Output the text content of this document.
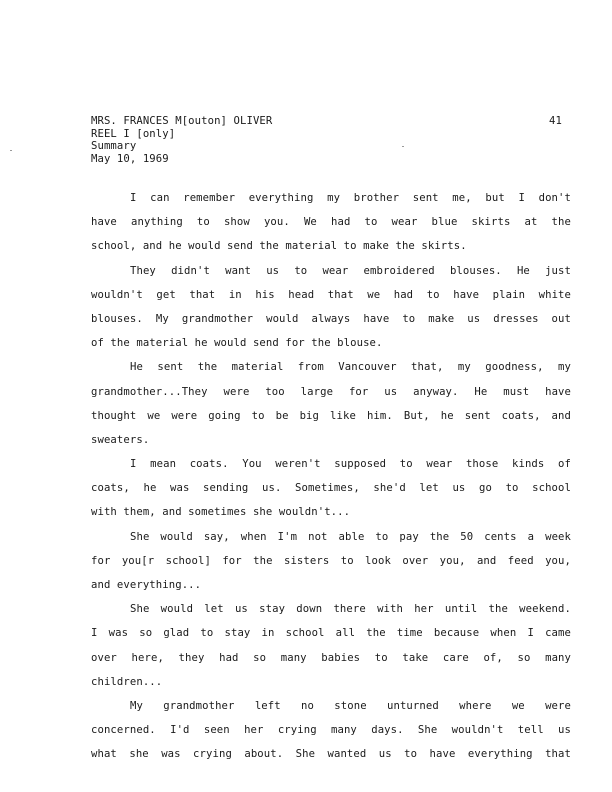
MRS. FRANCES M[outon] OLIVER
REEL I [only]
Summary
May 10, 1969
41
I can remember everything my brother sent me, but I don't
have anything to show you. We had to wear blue skirts at the
school, and he would send the material to make the skirts.
They didn't want us to wear embroidered blouses. He just
wouldn't get that in his head that we had to have plain white
blouses. My grandmother would always have to make us dresses out
of the material he would send for the blouse.
He sent the material from Vancouver that, my goodness, my
grandmother...They were too large for us anyway. He must have
thought we were going to be big like him. But, he sent coats, and
sweaters.
I mean coats. You weren't supposed to wear those kinds of
coats, he was sending us. Sometimes, she'd let us go to school
with them, and sometimes she wouldn't...
She would say, when I'm not able to pay the 50 cents a week
for you[r school] for the sisters to look over you, and feed you,
and everything...
She would let us stay down there with her until the weekend.
I was so glad to stay in school all the time because when I came
over here, they had so many babies to take care of, so many
children...
My grandmother left no stone unturned where we were
concerned. I'd seen her crying many days. She wouldn't tell us
what she was crying about. She wanted us to have everything that
